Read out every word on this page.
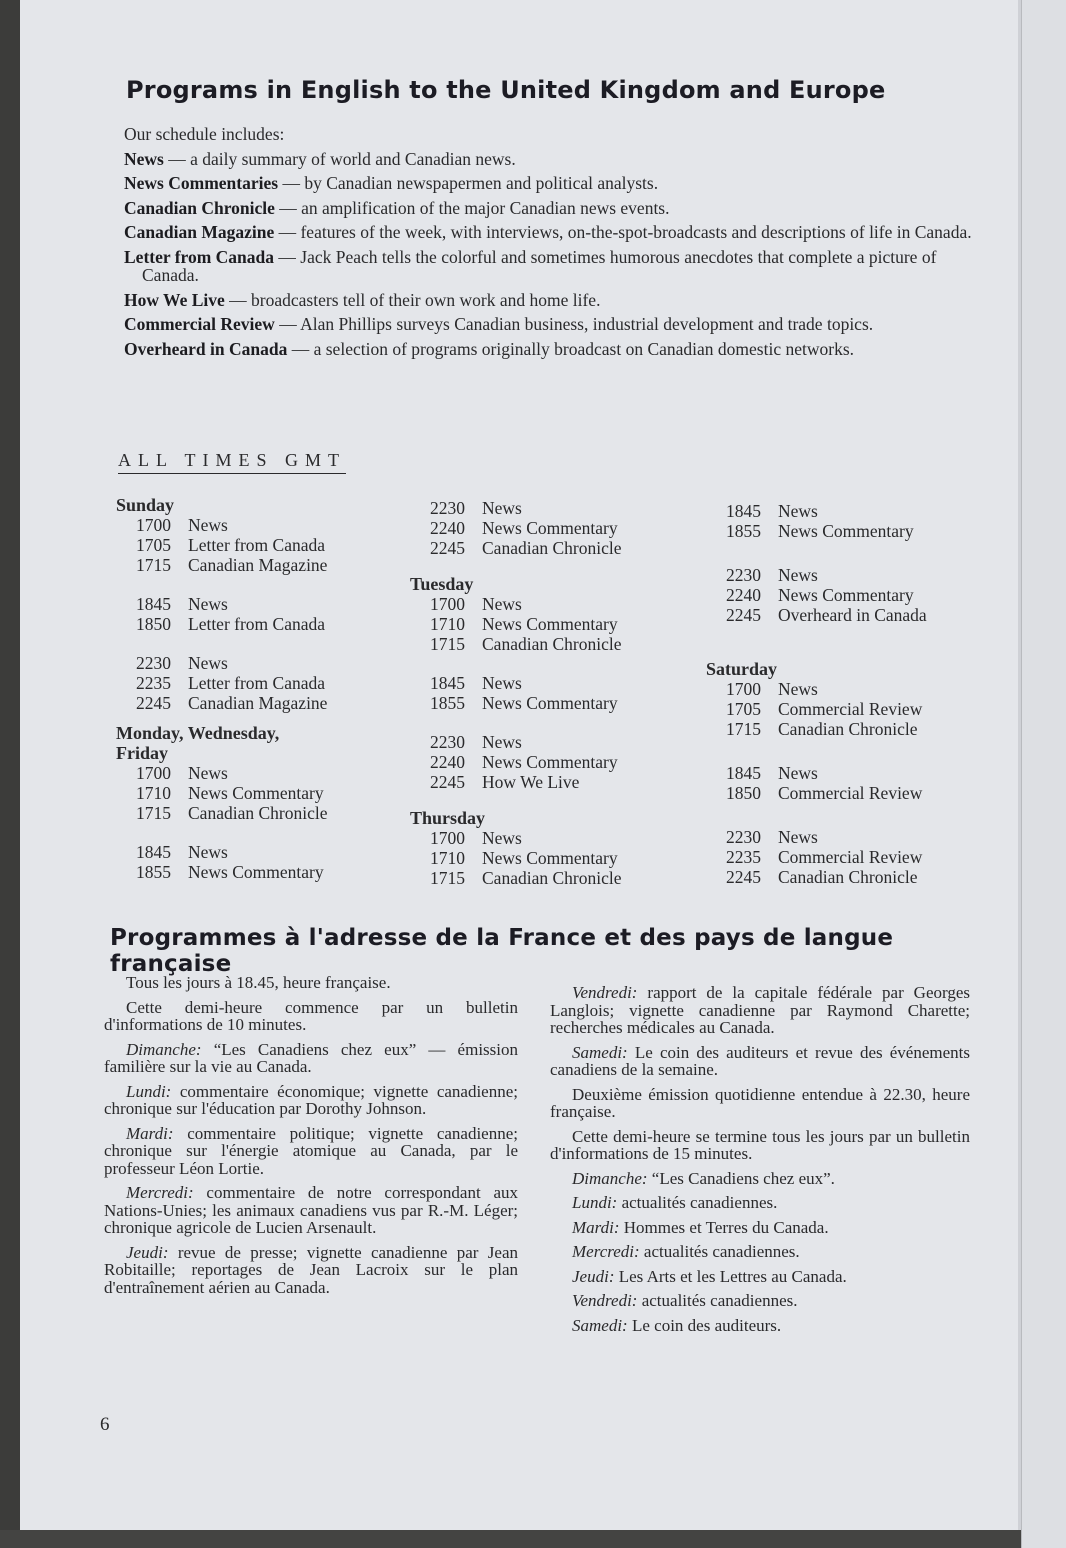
Programs in English to the United Kingdom and Europe
Our schedule includes:
News — a daily summary of world and Canadian news.
News Commentaries — by Canadian newspapermen and political analysts.
Canadian Chronicle — an amplification of the major Canadian news events.
Canadian Magazine — features of the week, with interviews, on-the-spot-broadcasts and descriptions of life in Canada.
Letter from Canada — Jack Peach tells the colorful and sometimes humorous anecdotes that complete a picture of Canada.
How We Live — broadcasters tell of their own work and home life.
Commercial Review — Alan Phillips surveys Canadian business, industrial development and trade topics.
Overheard in Canada — a selection of programs originally broadcast on Canadian domestic networks.
ALL TIMES GMT
Sunday
1700 News
1705 Letter from Canada
1715 Canadian Magazine
1845 News
1850 Letter from Canada
2230 News
2235 Letter from Canada
2245 Canadian Magazine
Monday, Wednesday,
Friday
1700 News
1710 News Commentary
1715 Canadian Chronicle
1845 News
1855 News Commentary
2230 News
2240 News Commentary
2245 Canadian Chronicle
Tuesday
1700 News
1710 News Commentary
1715 Canadian Chronicle
1845 News
1855 News Commentary
2230 News
2240 News Commentary
2245 How We Live
Thursday
1700 News
1710 News Commentary
1715 Canadian Chronicle
1845 News
1855 News Commentary
2230 News
2240 News Commentary
2245 Overheard in Canada
Saturday
1700 News
1705 Commercial Review
1715 Canadian Chronicle
1845 News
1850 Commercial Review
2230 News
2235 Commercial Review
2245 Canadian Chronicle
Programmes à l'adresse de la France et des pays de langue française

Tous les jours à 18.45, heure française.

Cette demi-heure commence par un bulletin d'informations de 10 minutes.

Dimanche: “Les Canadiens chez eux” — émission familière sur la vie au Canada.

Lundi: commentaire économique; vignette canadienne; chronique sur l'éducation par Dorothy Johnson.

Mardi: commentaire politique; vignette canadienne; chronique sur l'énergie atomique au Canada, par le professeur Léon Lortie.

Mercredi: commentaire de notre correspondant aux Nations-Unies; les animaux canadiens vus par R.-M. Léger; chronique agricole de Lucien Arsenault.

Jeudi: revue de presse; vignette canadienne par Jean Robitaille; reportages de Jean Lacroix sur le plan d'entraînement aérien au Canada.

Vendredi: rapport de la capitale fédérale par Georges Langlois; vignette canadienne par Raymond Charette; recherches médicales au Canada.

Samedi: Le coin des auditeurs et revue des événements canadiens de la semaine.

Deuxième émission quotidienne entendue à 22.30, heure française.

Cette demi-heure se termine tous les jours par un bulletin d'informations de 15 minutes.

Dimanche: “Les Canadiens chez eux”.

Lundi: actualités canadiennes.

Mardi: Hommes et Terres du Canada.

Mercredi: actualités canadiennes.

Jeudi: Les Arts et les Lettres au Canada.

Vendredi: actualités canadiennes.

Samedi: Le coin des auditeurs.

6
